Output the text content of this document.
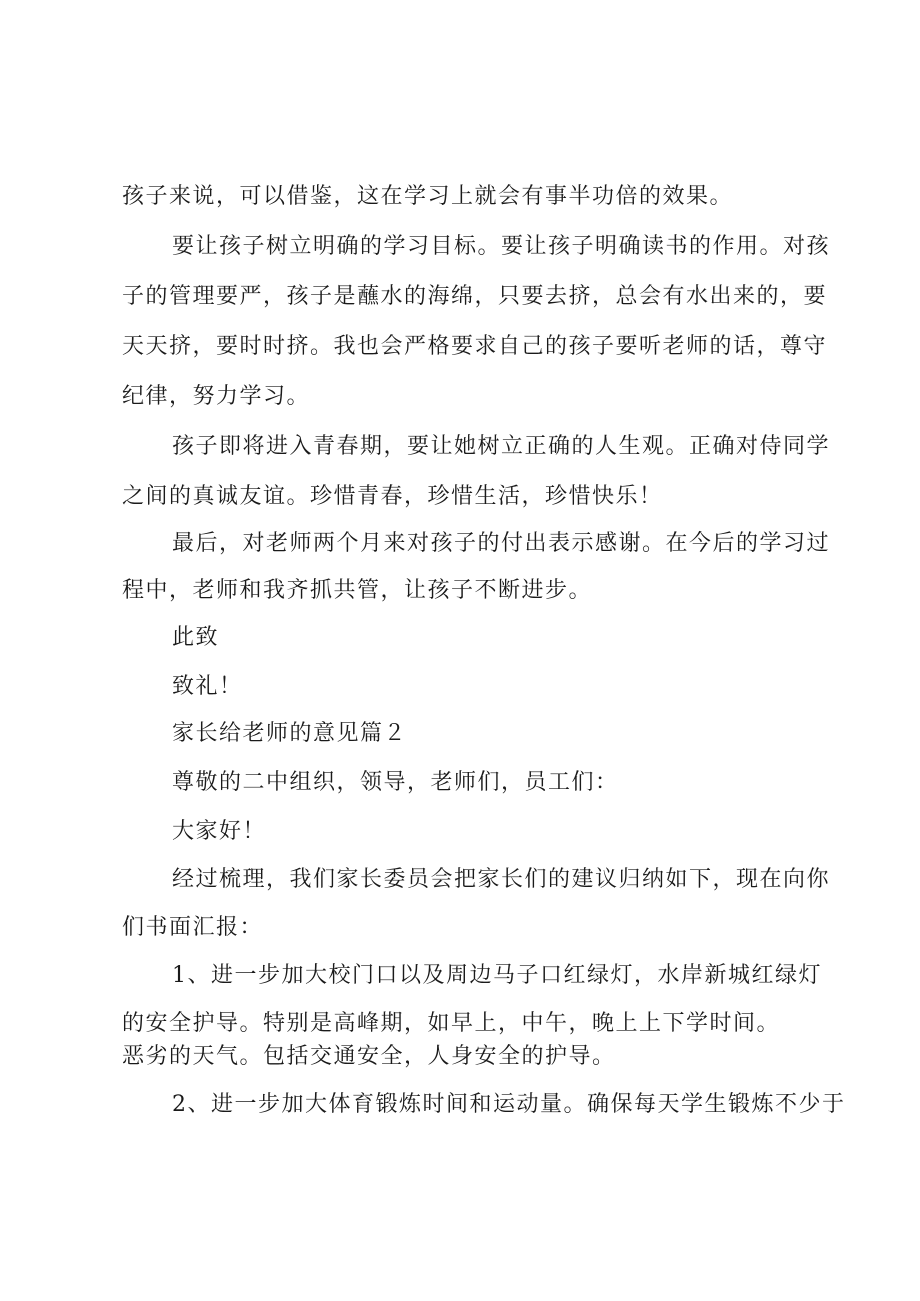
孩子来说，可以借鉴，这在学习上就会有事半功倍的效果。
要让孩子树立明确的学习目标。要让孩子明确读书的作用。对孩
子的管理要严，孩子是蘸水的海绵，只要去挤，总会有水出来的，要
天天挤，要时时挤。我也会严格要求自己的孩子要听老师的话，尊守
纪律，努力学习。
孩子即将进入青春期，要让她树立正确的人生观。正确对侍同学
之间的真诚友谊。珍惜青春，珍惜生活，珍惜快乐！
最后，对老师两个月来对孩子的付出表示感谢。在今后的学习过
程中，老师和我齐抓共管，让孩子不断进步。
此致
致礼！
家长给老师的意见篇２
尊敬的二中组织，领导，老师们，员工们：
大家好！
经过梳理，我们家长委员会把家长们的建议归纳如下，现在向你
们书面汇报：
1、进一步加大校门口以及周边马子口红绿灯，水岸新城红绿灯
的安全护导。特别是高峰期，如早上，中午，晚上上下学时间。
恶劣的天气。包括交通安全，人身安全的护导。
2、进一步加大体育锻炼时间和运动量。确保每天学生锻炼不少于
